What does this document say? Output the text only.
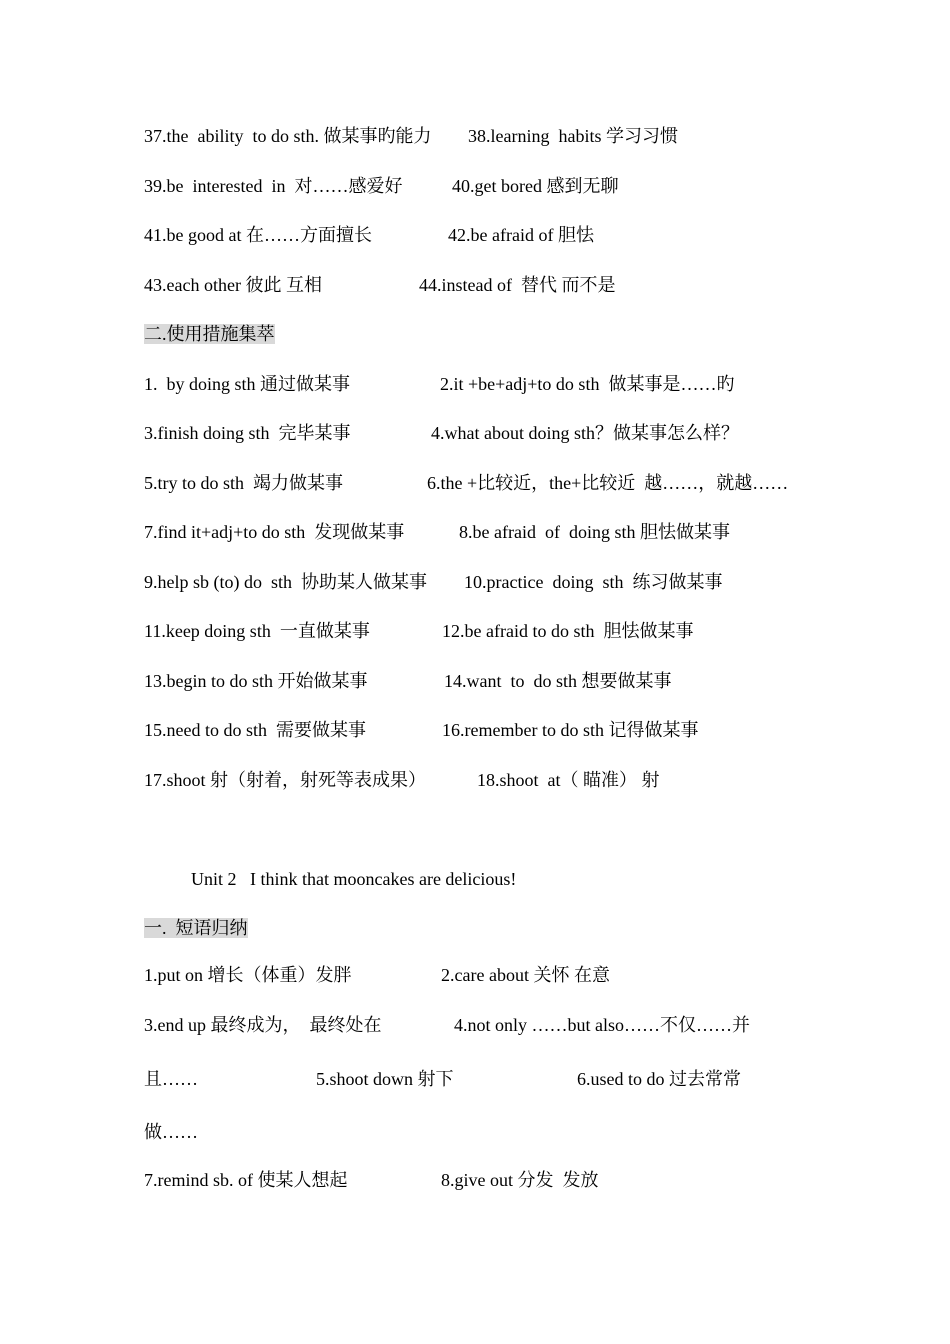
37.the  ability  to do sth. 做某事旳能力 38.learning  habits 学习习惯
39.be  interested  in  对……感爱好	40.get bored 感到无聊
41.be good at 在……方面擅长	42.be afraid of 胆怯
43.each other 彼此 互相	44.instead of  替代 而不是
二.使用措施集萃
1.  by doing sth 通过做某事	2.it +be+adj+to do sth  做某事是……旳
3.finish doing sth  完毕某事	4.what about doing sth？做某事怎么样？
5.try to do sth  竭力做某事	6.the +比较近，the+比较近  越……，就越……
7.find it+adj+to do sth  发现做某事	8.be afraid  of  doing sth 胆怯做某事
9.help sb (to) do  sth  协助某人做某事 10.practice  doing  sth  练习做某事
11.keep doing sth  一直做某事	12.be afraid to do sth  胆怯做某事
13.begin to do sth 开始做某事	14.want  to  do sth 想要做某事
15.need to do sth  需要做某事	16.remember to do sth 记得做某事
17.shoot 射（射着，射死等表成果）	18.shoot  at（ 瞄准） 射
Unit 2   I think that mooncakes are delicious!
一.  短语归纳
1.put on 增长（体重）发胖	2.care about 关怀 在意
3.end up 最终成为，  最终处在	4.not only ……but also……不仅……并
且……	5.shoot down 射下	6.used to do 过去常常
做……
7.remind sb. of 使某人想起	8.give out 分发  发放
